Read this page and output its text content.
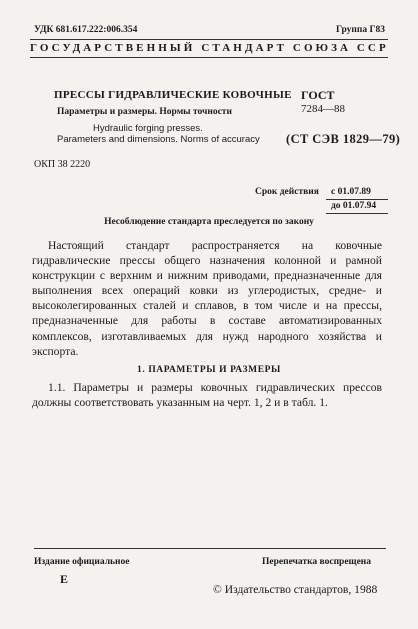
УДК 681.617.222:006.354	Группа Г83
ГОСУДАРСТВЕННЫЙ СТАНДАРТ СОЮЗА ССР
ПРЕССЫ ГИДРАВЛИЧЕСКИЕ КОВОЧНЫЕ
Параметры и размеры. Нормы точности
Hydraulic forging presses.
Parameters and dimensions. Norms of accuracy
ГОСТ
7284—88
(СТ СЭВ 1829—79)
ОКП 38 2220
Срок действия с 01.07.89
до 01.07.94
Несоблюдение стандарта преследуется по закону

Настоящий стандарт распространяется на ковочные гидравлические прессы общего назначения колонной и рамной конструкции с верхним и нижним приводами, предназначенные для выполнения всех операций ковки из углеродистых, средне- и высоколегированных сталей и сплавов, в том числе и на прессы, предназначенные для работы в составе автоматизированных комплексов, изготавливаемых для нужд народного хозяйства и экспорта.

1. ПАРАМЕТРЫ И РАЗМЕРЫ

1.1. Параметры и размеры ковочных гидравлических прессов должны соответствовать указанным на черт. 1, 2 и в табл. 1.

Издание официальное
Е
Перепечатка воспрещена
© Издательство стандартов, 1988
